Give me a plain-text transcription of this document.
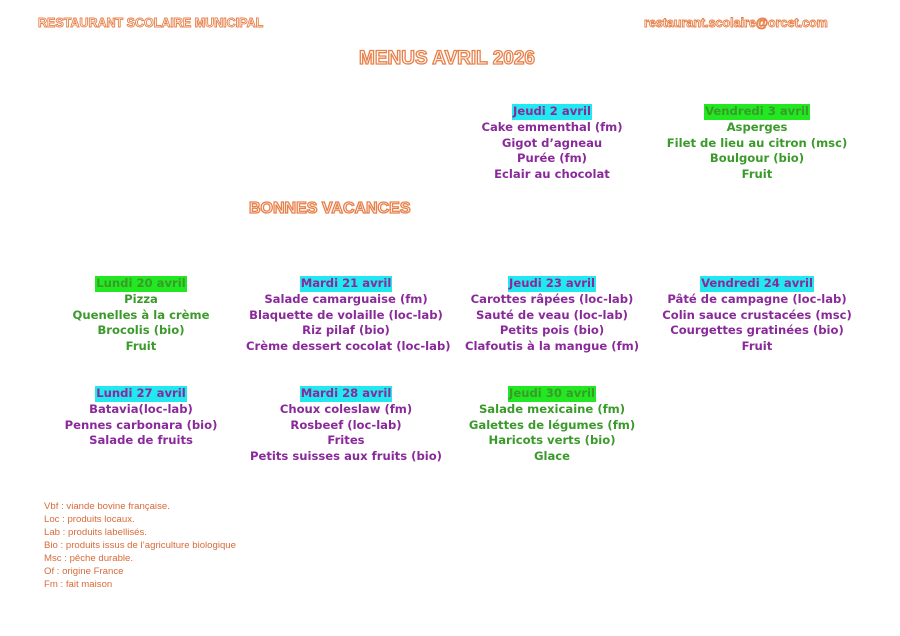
RESTAURANT SCOLAIRE MUNICIPAL	restaurant.scolaire@orcet.com
MENUS AVRIL 2026
BONNES VACANCES
Jeudi 2 avril
Cake emmenthal (fm)
Gigot d’agneau
Purée (fm)
Eclair au chocolat
Vendredi 3 avril
Asperges
Filet de lieu au citron (msc)
Boulgour (bio)
Fruit
Lundi 20 avril
Pizza
Quenelles à la crème
Brocolis (bio)
Fruit
Mardi 21 avril
Salade camarguaise (fm)
Blaquette de volaille (loc-lab)
Riz pilaf (bio)
Crème dessert cocolat (loc-lab)
Jeudi 23 avril
Carottes râpées (loc-lab)
Sauté de veau (loc-lab)
Petits pois (bio)
Clafoutis à la mangue (fm)
Vendredi 24 avril
Pâté de campagne (loc-lab)
Colin sauce crustacées (msc)
Courgettes gratinées (bio)
Fruit
Lundi 27 avril
Batavia(loc-lab)
Pennes carbonara (bio)
Salade de fruits
Mardi 28 avril
Choux coleslaw (fm)
Rosbeef (loc-lab)
Frites
Petits suisses aux fruits (bio)
Jeudi 30 avril
Salade mexicaine (fm)
Galettes de légumes (fm)
Haricots verts (bio)
Glace
Vbf : viande bovine française.
Loc : produits locaux.
Lab : produits labellisés.
Bio : produits issus de l’agriculture biologique
Msc : pêche durable.
Of : origine France
Fm : fait maison
